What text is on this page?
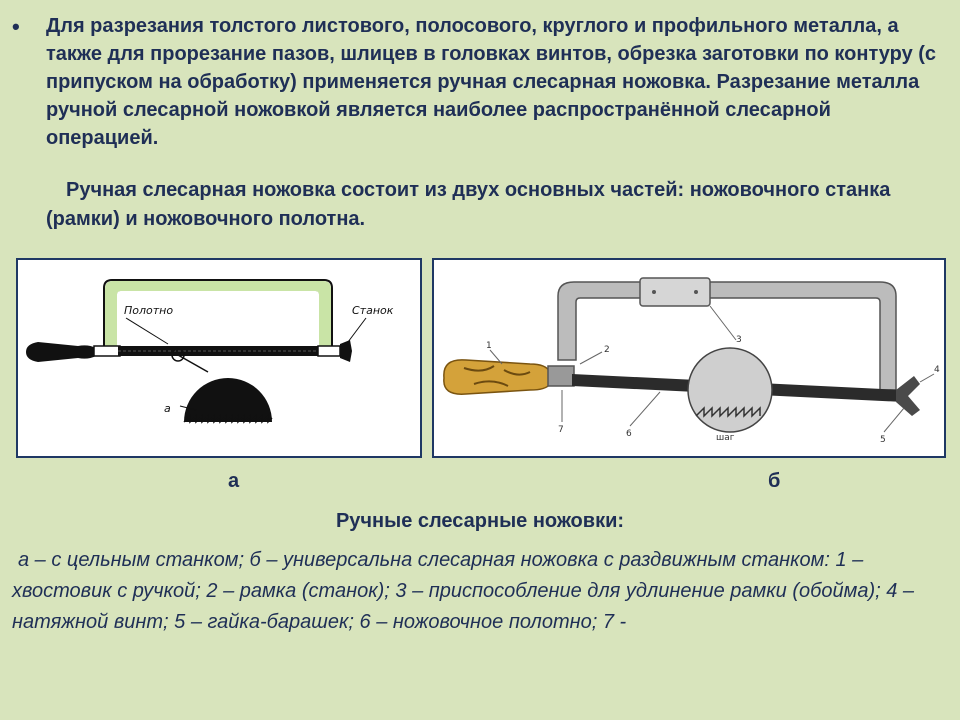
• Для разрезания толстого листового, полосового, круглого и профильного металла, а также для прорезание пазов, шлицев в головках винтов, обрезка заготовки по контуру (с припуском на обработку) применяется ручная слесарная ножовка. Разрезание металла ручной слесарной ножовкой является наиболее распространённой слесарной операцией.

Ручная слесарная ножовка состоит из двух основных частей: ножовочного станка (рамки) и ножовочного полотна.

Полотно	Станок
а
1	2
3
4
5
6
7
шаг
а	б
Ручные слесарные ножовки:

а – с цельным станком; б – универсальна слесарная ножовка с раздвижным станком: 1 – хвостовик с ручкой; 2 – рамка (станок); 3 – приспособление для удлинение рамки (обойма); 4 – натяжной винт; 5 – гайка-барашек; 6 – ножовочное полотно; 7 -
